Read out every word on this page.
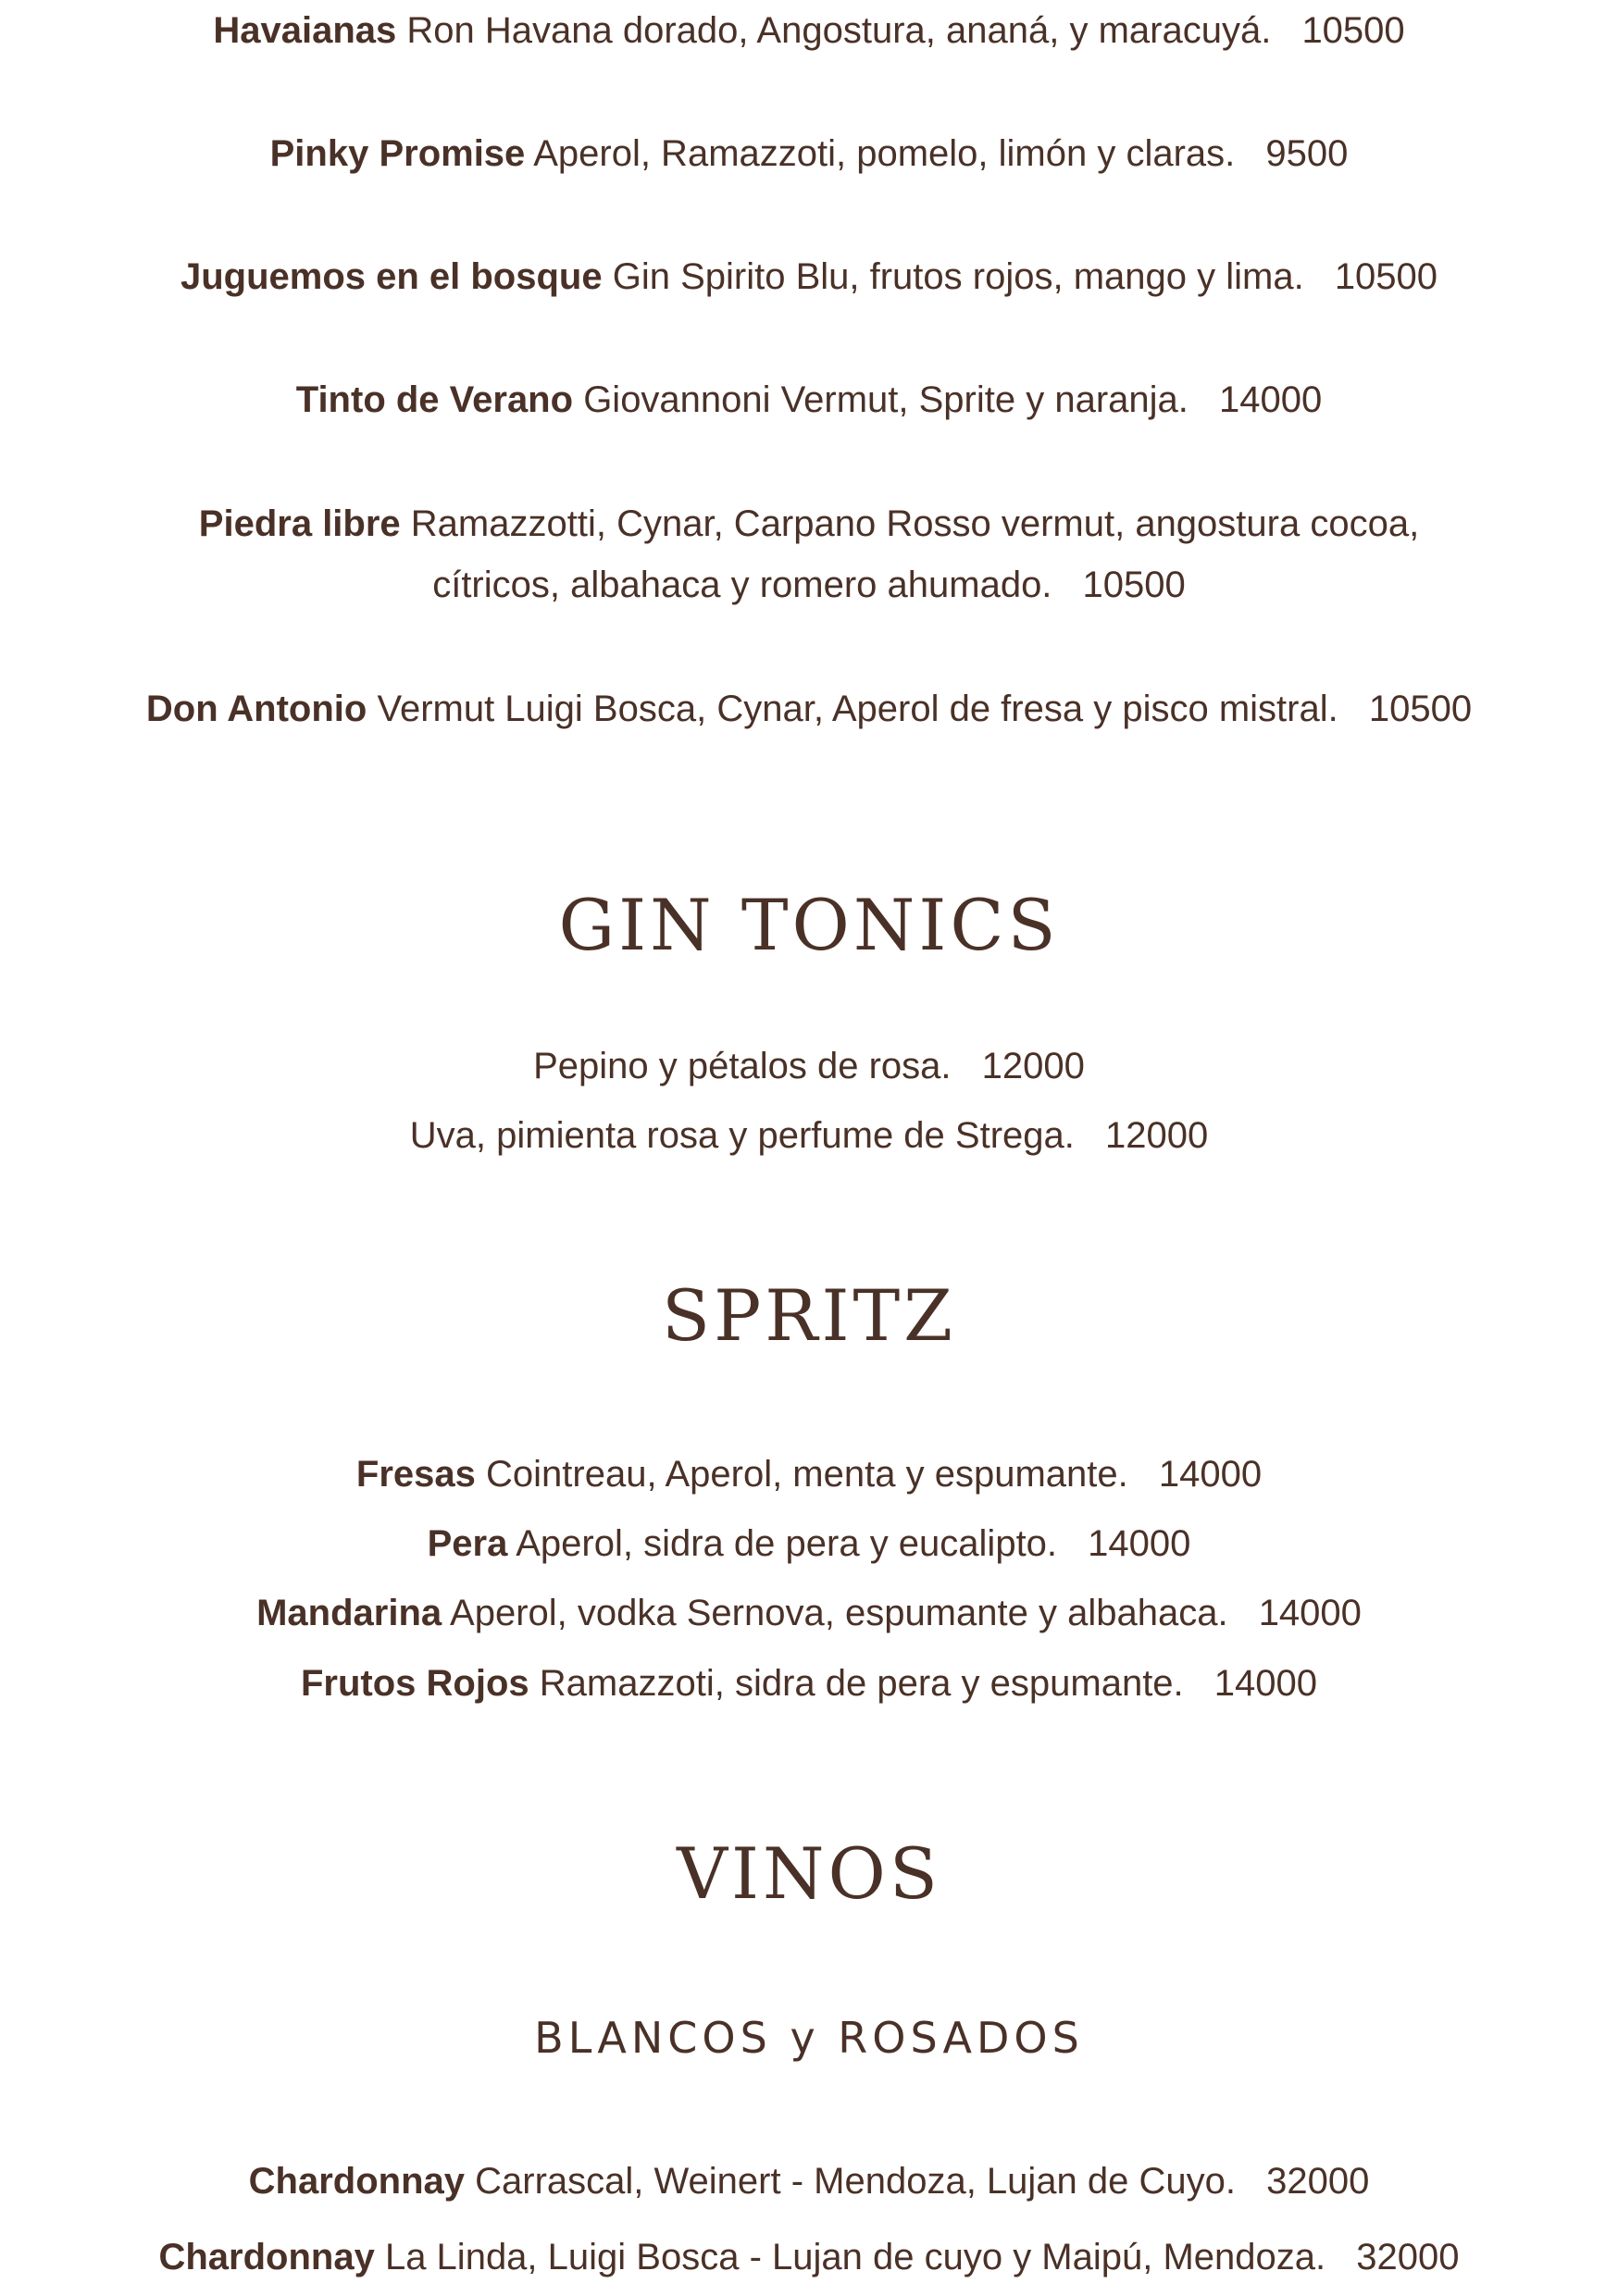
Havaianas Ron Havana dorado, Angostura, ananá, y maracuyá. 10500
Pinky Promise Aperol, Ramazzoti, pomelo, limón y claras. 9500
Juguemos en el bosque Gin Spirito Blu, frutos rojos, mango y lima. 10500
Tinto de Verano Giovannoni Vermut, Sprite y naranja. 14000
Piedra libre Ramazzotti, Cynar, Carpano Rosso vermut, angostura cocoa,
cítricos, albahaca y romero ahumado. 10500
Don Antonio Vermut Luigi Bosca, Cynar, Aperol de fresa y pisco mistral. 10500
GIN TONICS
Pepino y pétalos de rosa. 12000
Uva, pimienta rosa y perfume de Strega. 12000
SPRITZ
Fresas Cointreau, Aperol, menta y espumante. 14000
Pera Aperol, sidra de pera y eucalipto. 14000
Mandarina Aperol, vodka Sernova, espumante y albahaca. 14000
Frutos Rojos Ramazzoti, sidra de pera y espumante. 14000
VINOS
BLANCOS y ROSADOS
Chardonnay Carrascal, Weinert - Mendoza, Lujan de Cuyo. 32000
Chardonnay La Linda, Luigi Bosca - Lujan de cuyo y Maipú, Mendoza. 32000
